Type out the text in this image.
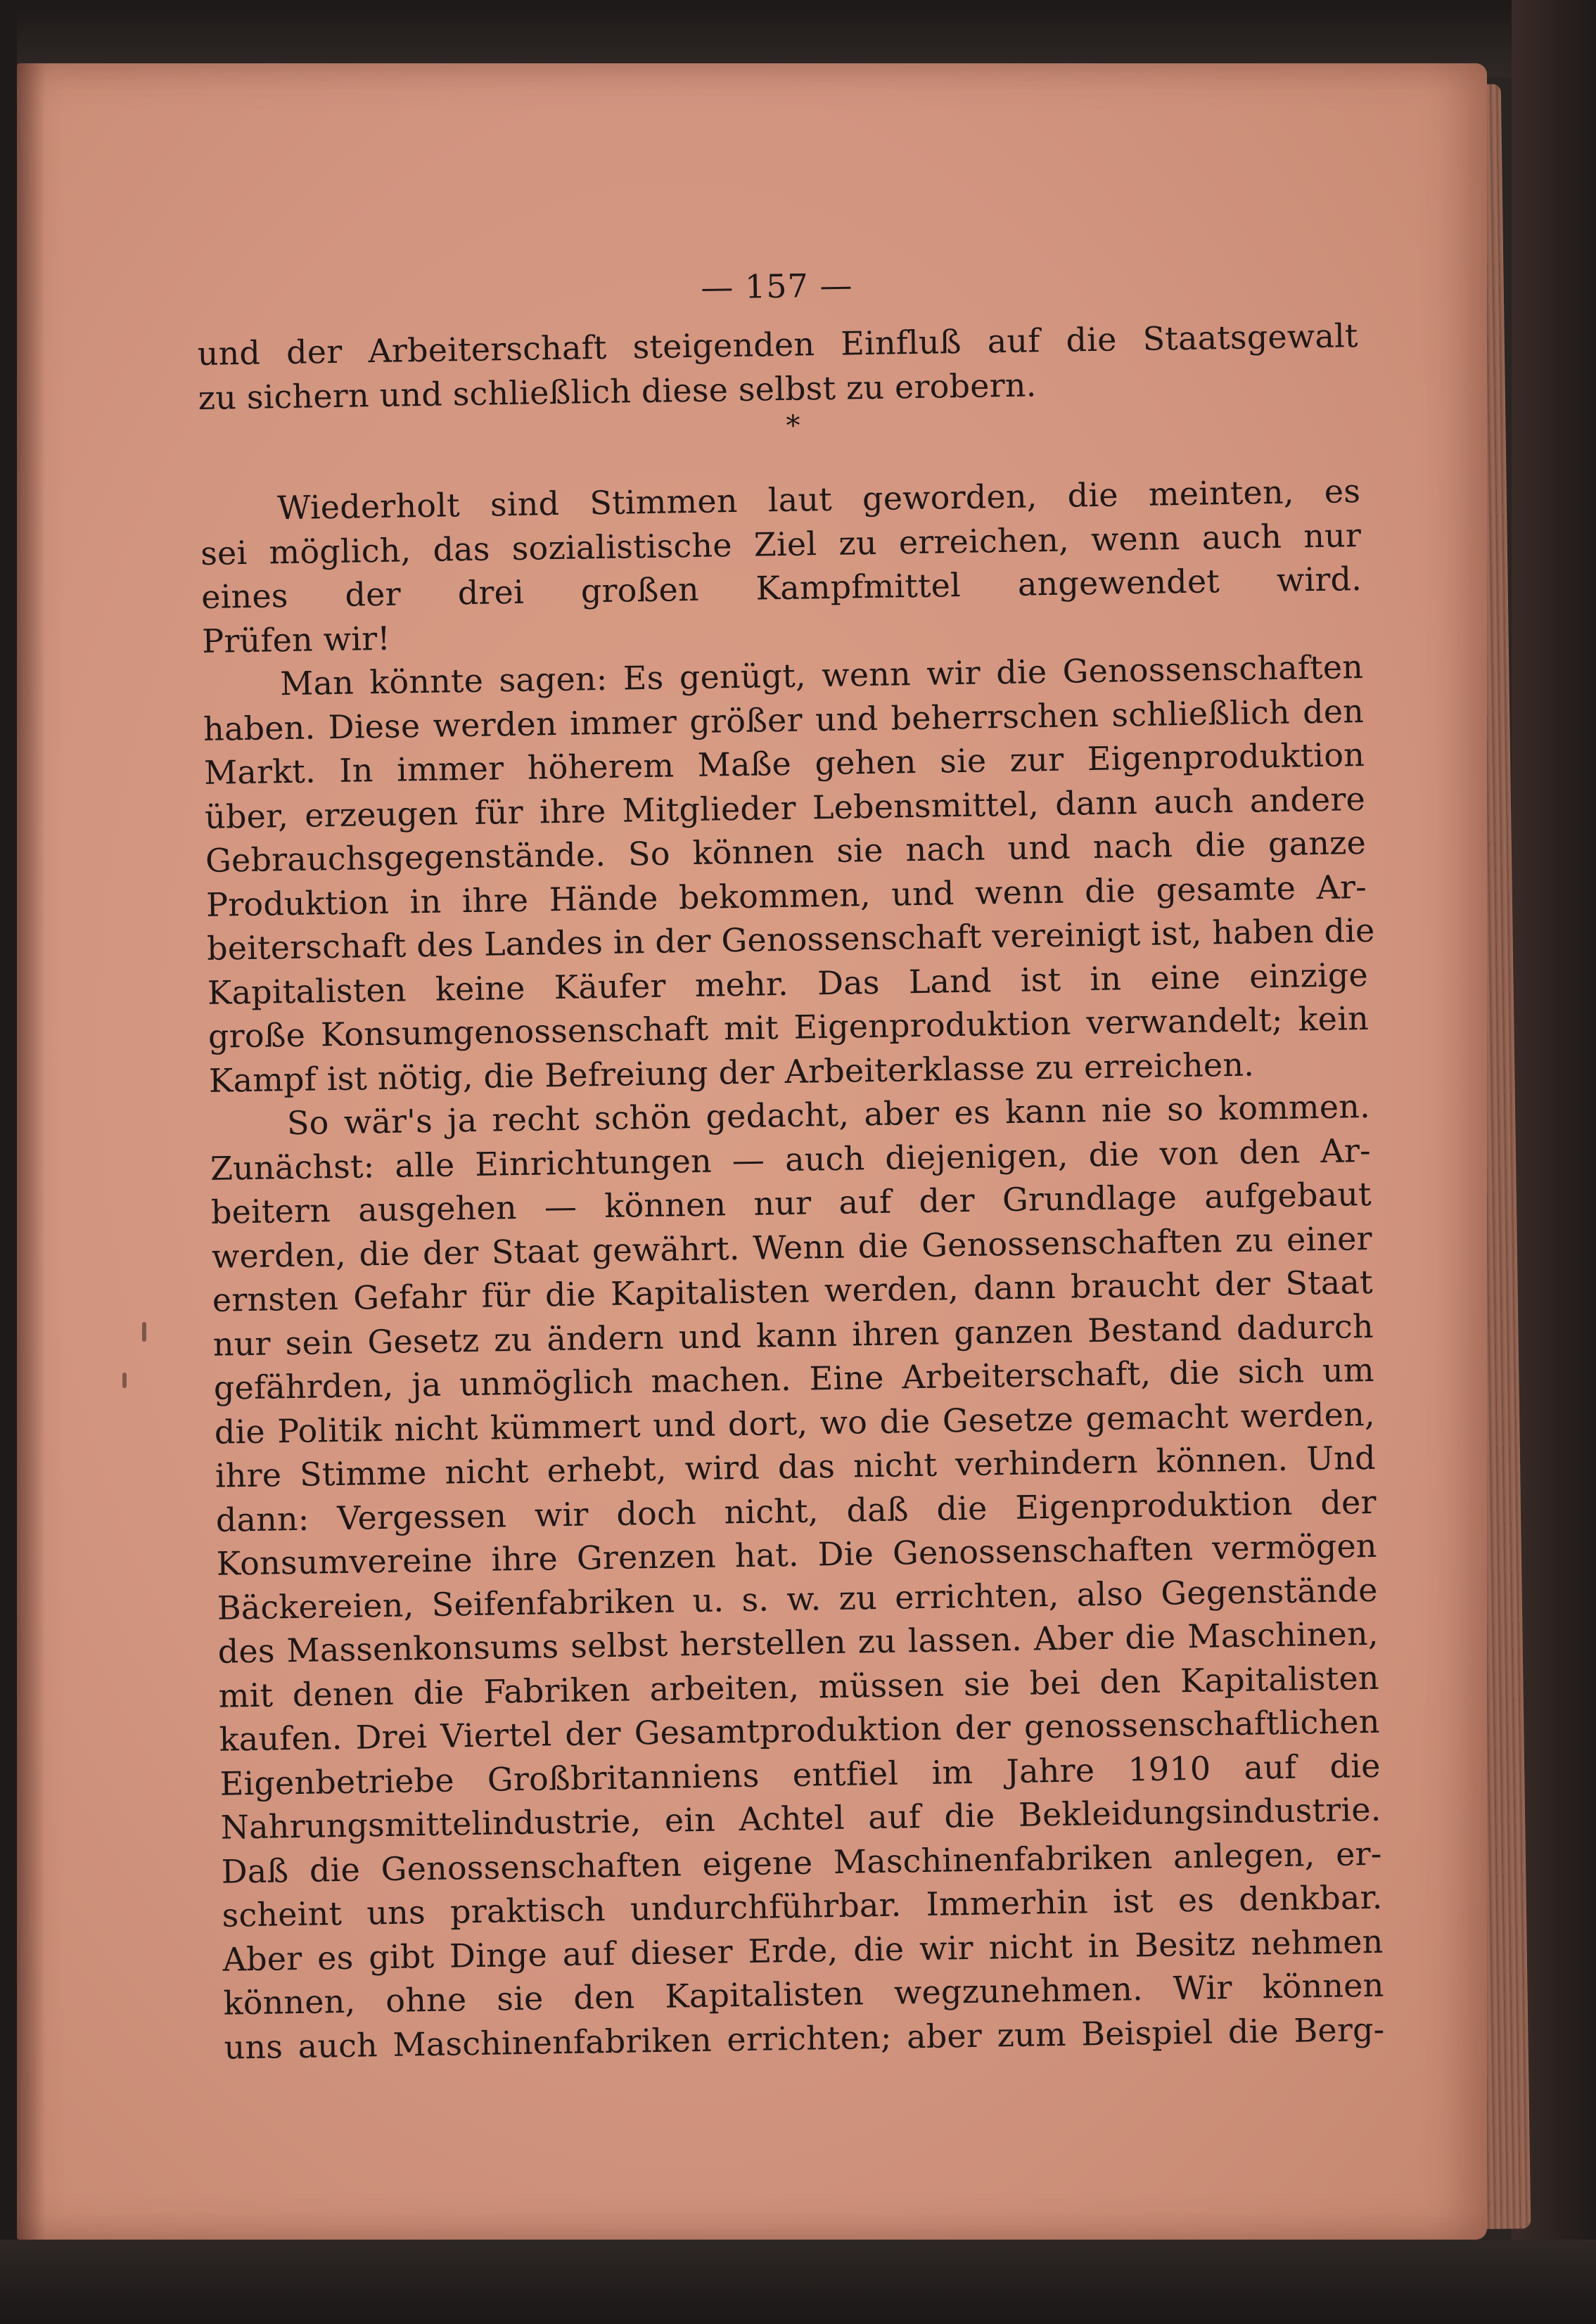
— 157 —
und der Arbeiterschaft steigenden Einfluß auf die Staatsgewalt
zu sichern und schließlich diese selbst zu erobern.
*
Wiederholt sind Stimmen laut geworden, die meinten, es
sei möglich, das sozialistische Ziel zu erreichen, wenn auch nur
eines der drei großen Kampfmittel angewendet wird.
Prüfen wir!
Man könnte sagen: Es genügt, wenn wir die Genossenschaften
haben. Diese werden immer größer und beherrschen schließlich den
Markt. In immer höherem Maße gehen sie zur Eigenproduktion
über, erzeugen für ihre Mitglieder Lebensmittel, dann auch andere
Gebrauchsgegenstände. So können sie nach und nach die ganze
Produktion in ihre Hände bekommen, und wenn die gesamte Ar-
beiterschaft des Landes in der Genossenschaft vereinigt ist, haben die
Kapitalisten keine Käufer mehr. Das Land ist in eine einzige
große Konsumgenossenschaft mit Eigenproduktion verwandelt; kein
Kampf ist nötig, die Befreiung der Arbeiterklasse zu erreichen.
So wär's ja recht schön gedacht, aber es kann nie so kommen.
Zunächst: alle Einrichtungen — auch diejenigen, die von den Ar-
beitern ausgehen — können nur auf der Grundlage aufgebaut
werden, die der Staat gewährt. Wenn die Genossenschaften zu einer
ernsten Gefahr für die Kapitalisten werden, dann braucht der Staat
nur sein Gesetz zu ändern und kann ihren ganzen Bestand dadurch
gefährden, ja unmöglich machen. Eine Arbeiterschaft, die sich um
die Politik nicht kümmert und dort, wo die Gesetze gemacht werden,
ihre Stimme nicht erhebt, wird das nicht verhindern können. Und
dann: Vergessen wir doch nicht, daß die Eigenproduktion der
Konsumvereine ihre Grenzen hat. Die Genossenschaften vermögen
Bäckereien, Seifenfabriken u. s. w. zu errichten, also Gegenstände
des Massenkonsums selbst herstellen zu lassen. Aber die Maschinen,
mit denen die Fabriken arbeiten, müssen sie bei den Kapitalisten
kaufen. Drei Viertel der Gesamtproduktion der genossenschaftlichen
Eigenbetriebe Großbritanniens entfiel im Jahre 1910 auf die
Nahrungsmittelindustrie, ein Achtel auf die Bekleidungsindustrie.
Daß die Genossenschaften eigene Maschinenfabriken anlegen, er-
scheint uns praktisch undurchführbar. Immerhin ist es denkbar.
Aber es gibt Dinge auf dieser Erde, die wir nicht in Besitz nehmen
können, ohne sie den Kapitalisten wegzunehmen. Wir können
uns auch Maschinenfabriken errichten; aber zum Beispiel die Berg-
